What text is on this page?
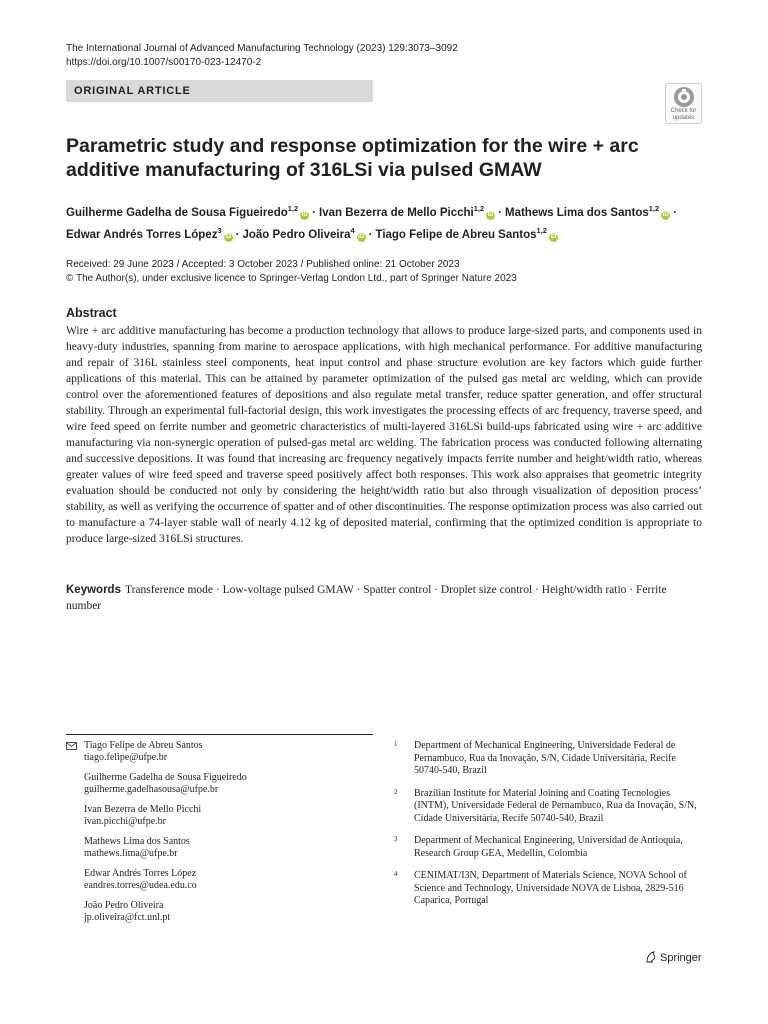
The International Journal of Advanced Manufacturing Technology (2023) 129:3073–3092
https://doi.org/10.1007/s00170-023-12470-2
ORIGINAL ARTICLE
Check for
updates
Parametric study and response optimization for the wire + arc additive manufacturing of 316LSi via pulsed GMAW
Guilherme Gadelha de Sousa Figueiredo$^{1,2}$iD · Ivan Bezerra de Mello Picchi$^{1,2}$iD · Mathews Lima dos Santos$^{1,2}$iD ·
Edwar Andrés Torres López$^3$iD · João Pedro Oliveira$^4$iD · Tiago Felipe de Abreu Santos$^{1,2}$iD
Received: 29 June 2023 / Accepted: 3 October 2023 / Published online: 21 October 2023
© The Author(s), under exclusive licence to Springer-Verlag London Ltd., part of Springer Nature 2023
Abstract

Wire + arc additive manufacturing has become a production technology that allows to produce large-sized parts, and components used in heavy-duty industries, spanning from marine to aerospace applications, with high mechanical performance. For additive manufacturing and repair of 316L stainless steel components, heat input control and phase structure evolution are key factors which guide further applications of this material. This can be attained by parameter optimization of the pulsed gas metal arc welding, which can provide control over the aforementioned features of depositions and also regulate metal transfer, reduce spatter generation, and offer structural stability. Through an experimental full-factorial design, this work investigates the processing effects of arc frequency, traverse speed, and wire feed speed on ferrite number and geometric characteristics of multi-layered 316LSi build-ups fabricated using wire + arc additive manufacturing via non-synergic operation of pulsed-gas metal arc welding. The fabrication process was conducted following alternating and successive depositions. It was found that increasing arc frequency negatively impacts ferrite number and height/width ratio, whereas greater values of wire feed speed and traverse speed positively affect both responses. This work also appraises that geometric integrity evaluation should be conducted not only by considering the height/width ratio but also through visualization of deposition process’ stability, as well as verifying the occurrence of spatter and of other discontinuities. The response optimization process was also carried out to manufacture a 74-layer stable wall of nearly 4.12 kg of deposited material, confirming that the optimized condition is appropriate to produce large-sized 316LSi structures.

Keywords Transference mode · Low-voltage pulsed GMAW · Spatter control · Droplet size control · Height/width ratio · Ferrite number
Tiago Felipe de Abreu Santos
tiago.felipe@ufpe.br
Guilherme Gadelha de Sousa Figueiredo
guilherme.gadelhasousa@ufpe.br
Ivan Bezerra de Mello Picchi
ivan.picchi@ufpe.br
Mathews Lima dos Santos
mathews.lima@ufpe.br
Edwar Andrés Torres López
eandres.torres@udea.edu.co
João Pedro Oliveira
jp.oliveira@fct.unl.pt
1 Department of Mechanical Engineering, Universidade Federal de Pernambuco, Rua da Inovação, S/N, Cidade Universitária, Recife 50740-540, Brazil
2 Brazilian Institute for Material Joining and Coating Tecnologies (INTM), Universidade Federal de Pernambuco, Rua da Inovação, S/N, Cidade Universitária, Recife 50740-540, Brazil
3 Department of Mechanical Engineering, Universidad de Antioquia, Research Group GEA, Medellin, Colombia
4 CENIMAT/I3N, Department of Materials Science, NOVA School of Science and Technology, Universidade NOVA de Lisboa, 2829-516 Caparica, Portugal
Springer
